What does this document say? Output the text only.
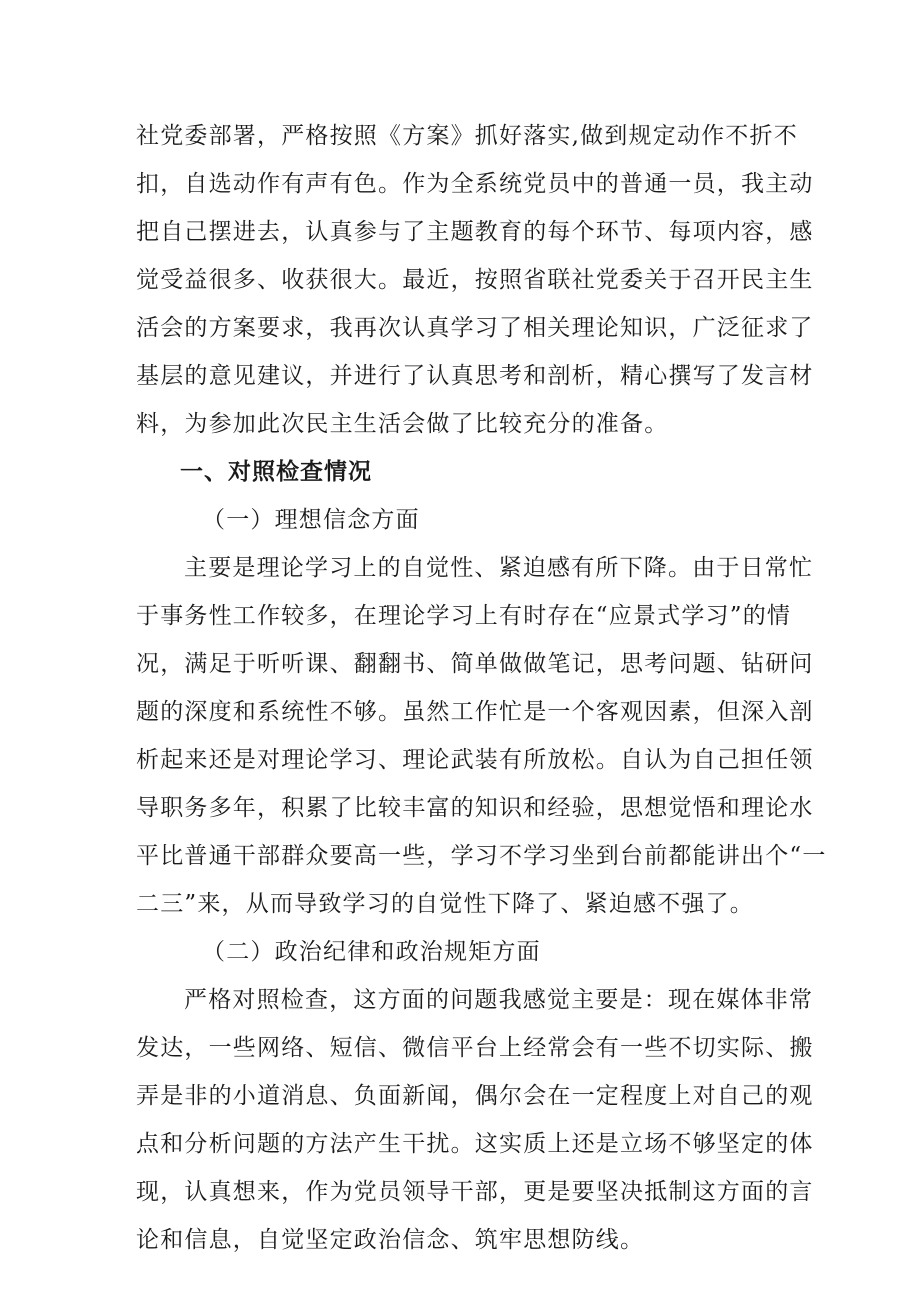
社党委部署，严格按照《方案》抓好落实,做到规定动作不折不
扣，自选动作有声有色。作为全系统党员中的普通一员，我主动
把自己摆进去，认真参与了主题教育的每个环节、每项内容，感
觉受益很多、收获很大。最近，按照省联社党委关于召开民主生
活会的方案要求，我再次认真学习了相关理论知识，广泛征求了
基层的意见建议，并进行了认真思考和剖析，精心撰写了发言材
料，为参加此次民主生活会做了比较充分的准备。
一、对照检查情况
（一）理想信念方面
主要是理论学习上的自觉性、紧迫感有所下降。由于日常忙
于事务性工作较多，在理论学习上有时存在“应景式学习”的情
况，满足于听听课、翻翻书、简单做做笔记，思考问题、钻研问
题的深度和系统性不够。虽然工作忙是一个客观因素，但深入剖
析起来还是对理论学习、理论武装有所放松。自认为自己担任领
导职务多年，积累了比较丰富的知识和经验，思想觉悟和理论水
平比普通干部群众要高一些，学习不学习坐到台前都能讲出个“一
二三”来，从而导致学习的自觉性下降了、紧迫感不强了。
（二）政治纪律和政治规矩方面
严格对照检查，这方面的问题我感觉主要是：现在媒体非常
发达，一些网络、短信、微信平台上经常会有一些不切实际、搬
弄是非的小道消息、负面新闻，偶尔会在一定程度上对自己的观
点和分析问题的方法产生干扰。这实质上还是立场不够坚定的体
现，认真想来，作为党员领导干部，更是要坚决抵制这方面的言
论和信息，自觉坚定政治信念、筑牢思想防线。
